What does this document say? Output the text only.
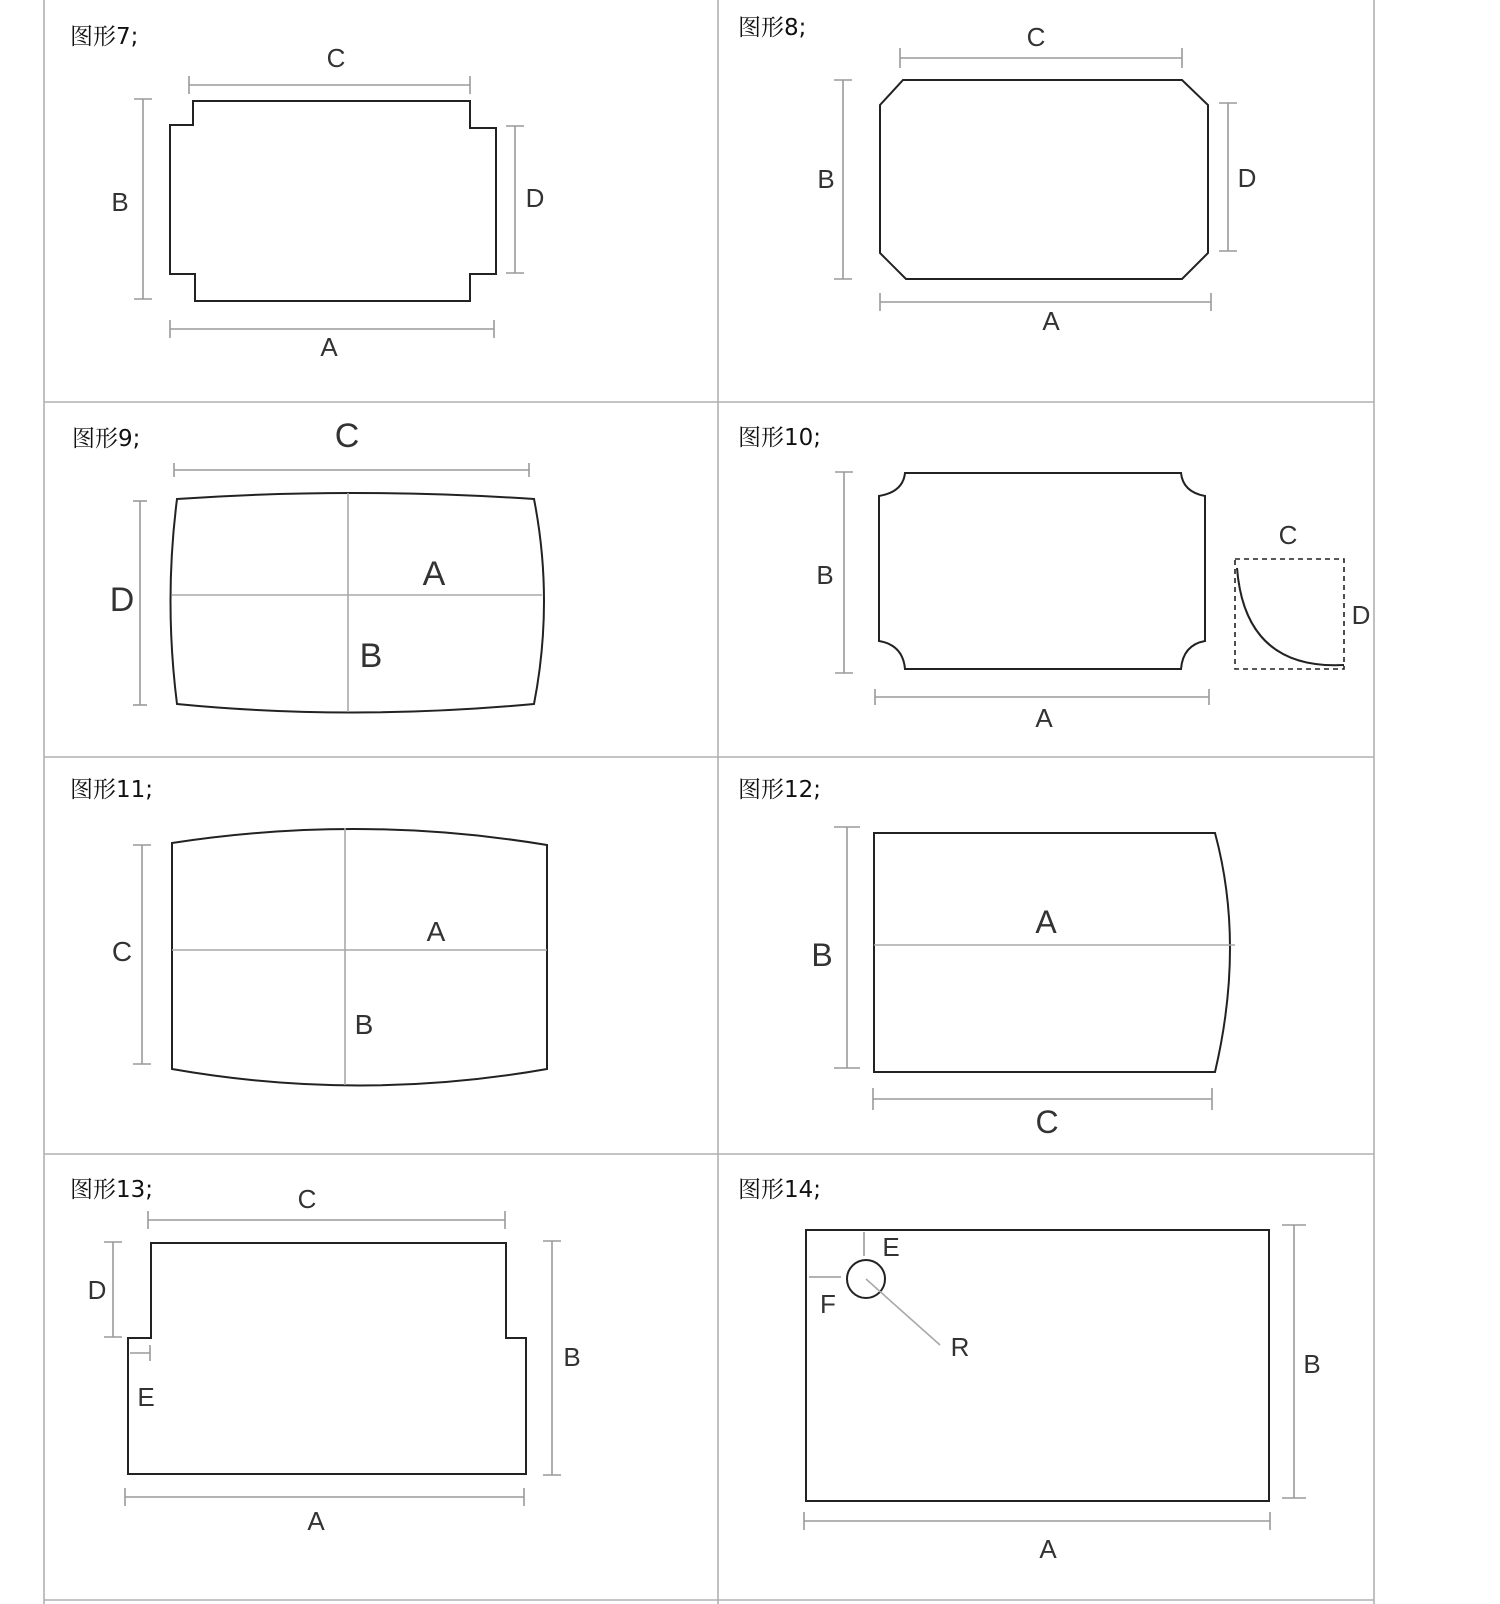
图形7;
C
B	D
A
图形8;	C
B	D
A
图形9;	C
D
A
B
图形10;
B
A
C
D
图形11;
C
A
B
图形12;
B
A
C
图形13;	C
D
E
B
A
图形14;
E
F
R
B
A
